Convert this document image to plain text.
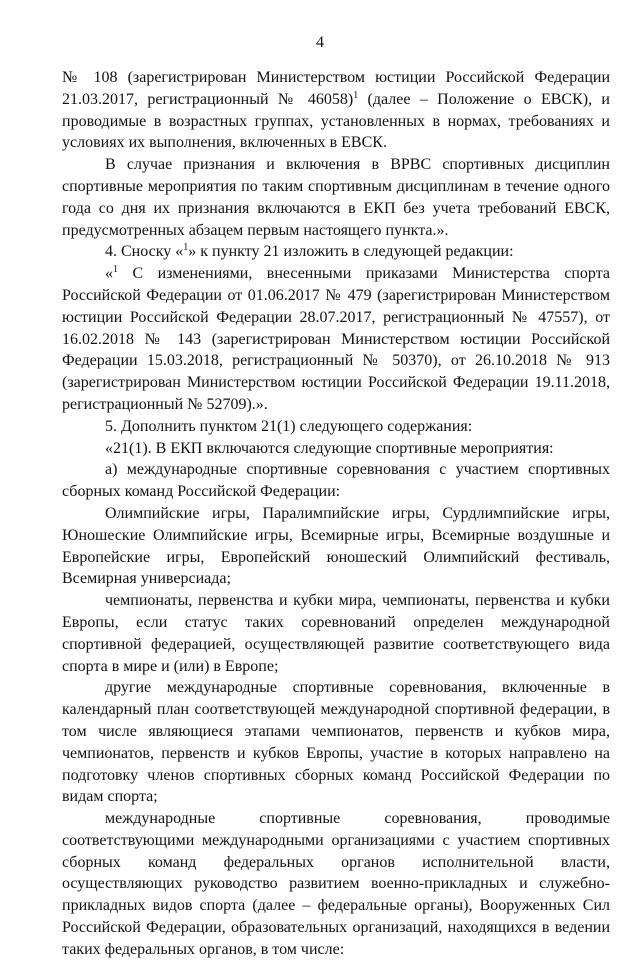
4

№ 108 (зарегистрирован Министерством юстиции Российской Федерации 21.03.2017, регистрационный № 46058)$^1$ (далее – Положение о ЕВСК), и проводимые в возрастных группах, установленных в нормах, требованиях и условиях их выполнения, включенных в ЕВСК.

В случае признания и включения в ВРВС спортивных дисциплин спортивные мероприятия по таким спортивным дисциплинам в течение одного года со дня их признания включаются в ЕКП без учета требований ЕВСК, предусмотренных абзацем первым настоящего пункта.».

4. Сноску «$^1$» к пункту 21 изложить в следующей редакции:

«$^1$ С изменениями, внесенными приказами Министерства спорта Российской Федерации от 01.06.2017 № 479 (зарегистрирован Министерством юстиции Российской Федерации 28.07.2017, регистрационный № 47557), от 16.02.2018 № 143 (зарегистрирован Министерством юстиции Российской Федерации 15.03.2018, регистрационный № 50370), от 26.10.2018 № 913 (зарегистрирован Министерством юстиции Российской Федерации 19.11.2018, регистрационный № 52709).».

5. Дополнить пунктом 21(1) следующего содержания:

«21(1). В ЕКП включаются следующие спортивные мероприятия:

а) международные спортивные соревнования с участием спортивных сборных команд Российской Федерации:

Олимпийские игры, Паралимпийские игры, Сурдлимпийские игры, Юношеские Олимпийские игры, Всемирные игры, Всемирные воздушные и Европейские игры, Европейский юношеский Олимпийский фестиваль, Всемирная универсиада;

чемпионаты, первенства и кубки мира, чемпионаты, первенства и кубки Европы, если статус таких соревнований определен международной спортивной федерацией, осуществляющей развитие соответствующего вида спорта в мире и (или) в Европе;

другие международные спортивные соревнования, включенные в календарный план соответствующей международной спортивной федерации, в том числе являющиеся этапами чемпионатов, первенств и кубков мира, чемпионатов, первенств и кубков Европы, участие в которых направлено на подготовку членов спортивных сборных команд Российской Федерации по видам спорта;

международные спортивные соревнования, проводимые соответствующими международными организациями с участием спортивных сборных команд федеральных органов исполнительной власти, осуществляющих руководство развитием военно-прикладных и служебно-прикладных видов спорта (далее – федеральные органы), Вооруженных Сил Российской Федерации, образовательных организаций, находящихся в ведении таких федеральных органов, в том числе:
